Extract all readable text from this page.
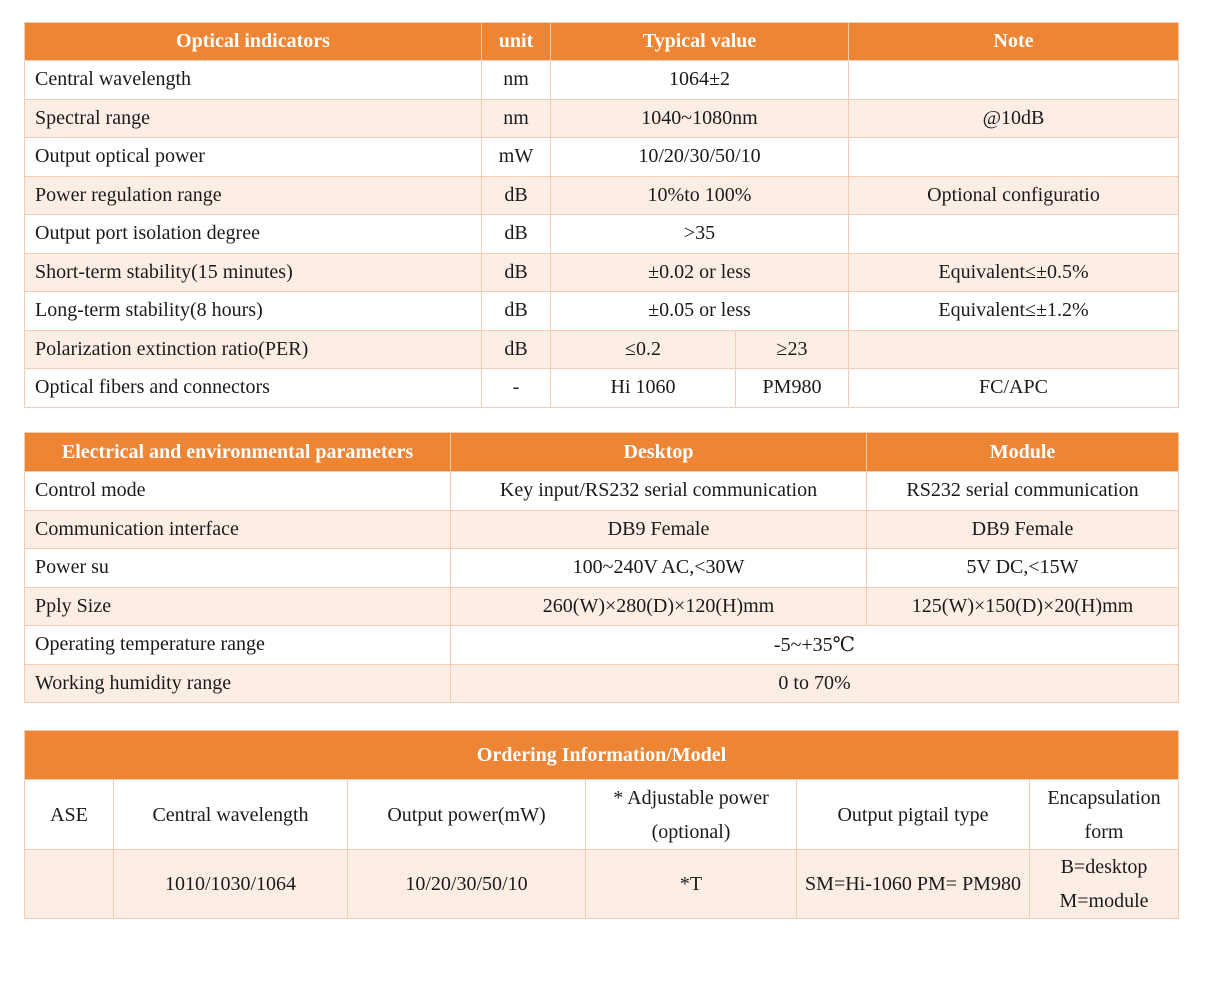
Optical indicators	unit	Typical value		Note
Central wavelength	nm	1064±2		
Spectral range	nm	1040~1080nm		@10dB
Output optical power	mW	10/20/30/50/10		
Power regulation range	dB	10%to 100%		Optional configuratio
Output port isolation degree	dB	>35		
Short-term stability(15 minutes)	dB	±0.02 or less		Equivalent≤±0.5%
Long-term stability(8 hours)	dB	±0.05 or less		Equivalent≤±1.2%
Polarization extinction ratio(PER)	dB	≤0.2	≥23	
Optical fibers and connectors	-	Hi 1060	PM980	FC/APC
Electrical and environmental parameters	Desktop	Module
Control mode	Key input/RS232 serial communication	RS232 serial communication
Communication interface	DB9 Female	DB9 Female
Power su	100~240V AC,<30W	5V DC,<15W
Pply Size	260(W)×280(D)×120(H)mm	125(W)×150(D)×20(H)mm
Operating temperature range	-5~+35℃	
Working humidity range	0 to 70%	
Ordering Information/Model					
ASE	Central wavelength	Output power(mW)	* Adjustable power (optional)	Output pigtail type	Encapsulation form
	1010/1030/1064	10/20/30/50/10	*T	SM=Hi-1060 PM= PM980	B=desktop M=module
